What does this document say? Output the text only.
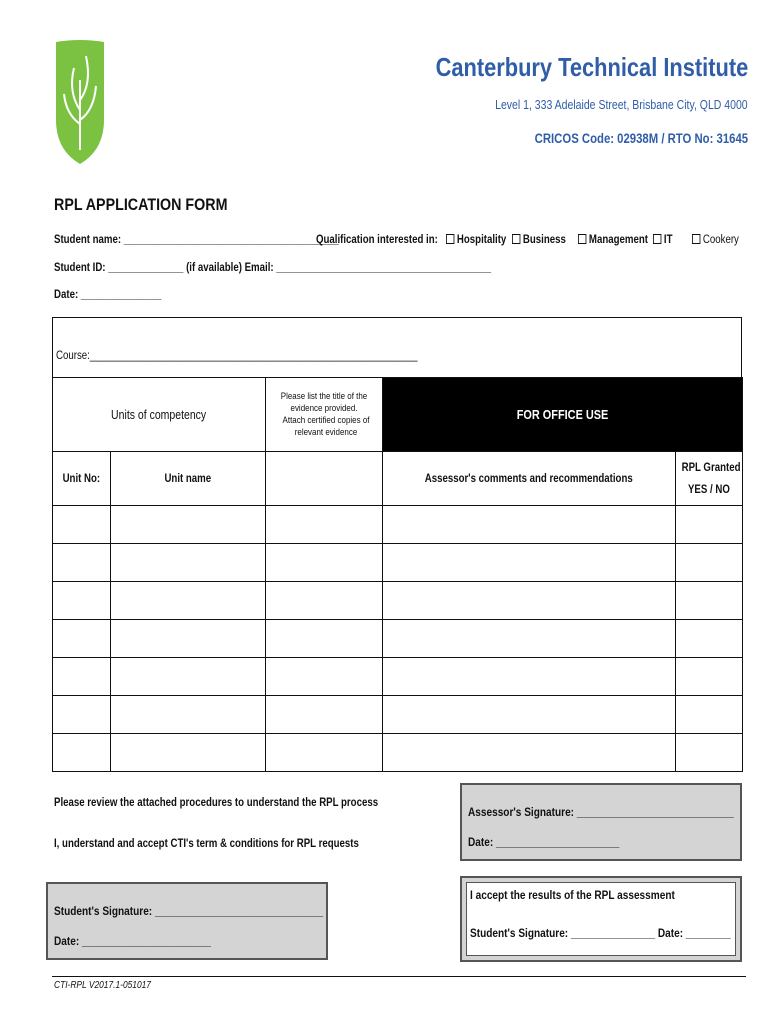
Canterbury Technical Institute
Level 1, 333 Adelaide Street, Brisbane City, QLD 4000
CRICOS Code: 02938M / RTO No: 31645
RPL APPLICATION FORM
Student name: ________________________________________
Qualification interested in:	Hospitality	Business	Management	IT	Cookery
Student ID: ______________ (if available) Email: ________________________________________
Date: _______________
Course:_____________________________________________________________
Units of competency		Please list the title of the evidence provided. Attach certified copies of relevant evidence	FOR OFFICE USE	
Unit No:	Unit name		Assessor's comments and recommendations	RPL Granted YES / NO

Please review the attached procedures to understand the RPL process
I, understand and accept CTI's term & conditions for RPL requests
Assessor's Signature: ____________________________
Date: ______________________
Student's Signature: ______________________________
Date: _______________________
I accept the results of the RPL assessment
Student's Signature: _______________ Date: ________
CTI-RPL V2017.1-051017
